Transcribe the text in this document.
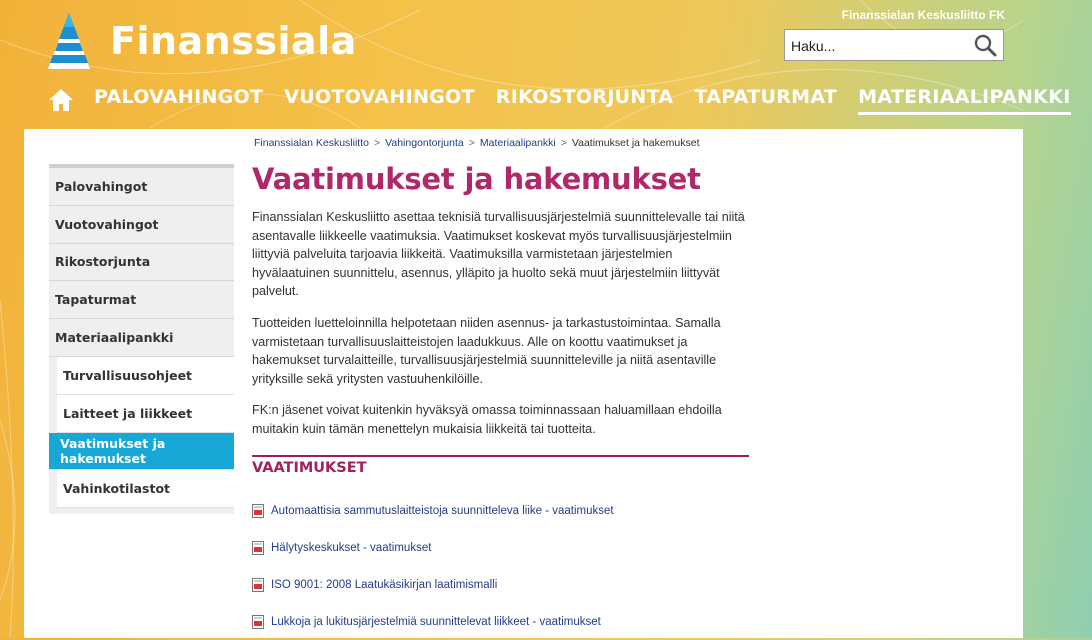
Finanssiala
Finanssialan Keskusliitto FK
Haku...
PALOVAHINGOT VUOTOVAHINGOT RIKOSTORJUNTA TAPATURMAT MATERIAALIPANKKI
Finanssialan Keskusliitto > Vahingontorjunta > Materiaalipankki > Vaatimukset ja hakemukset
Palovahingot
Vuotovahingot
Rikostorjunta
Tapaturmat
Materiaalipankki
Turvallisuusohjeet
Laitteet ja liikkeet
Vaatimukset ja hakemukset
Vahinkotilastot
Vaatimukset ja hakemukset

Finanssialan Keskusliitto asettaa teknisiä turvallisuusjärjestelmiä suunnittelevalle tai niitä asentavalle liikkeelle vaatimuksia. Vaatimukset koskevat myös turvallisuusjärjestelmiin liittyviä palveluita tarjoavia liikkeitä. Vaatimuksilla varmistetaan järjestelmien hyvälaatuinen suunnittelu, asennus, ylläpito ja huolto sekä muut järjestelmiin liittyvät palvelut.

Tuotteiden luetteloinnilla helpotetaan niiden asennus- ja tarkastustoimintaa. Samalla varmistetaan turvallisuuslaitteistojen laadukkuus. Alle on koottu vaatimukset ja hakemukset turvalaitteille, turvallisuusjärjestelmiä suunnitteleville ja niitä asentaville yrityksille sekä yritysten vastuuhenkilöille.

FK:n jäsenet voivat kuitenkin hyväksyä omassa toiminnassaan haluamillaan ehdoilla muitakin kuin tämän menettelyn mukaisia liikkeitä tai tuotteita.

VAATIMUKSET
Automaattisia sammutuslaitteistoja suunnitteleva liike - vaatimukset
Hälytyskeskukset - vaatimukset
ISO 9001: 2008 Laatukäsikirjan laatimismalli
Lukkoja ja lukitusjärjestelmiä suunnittelevat liikkeet - vaatimukset
